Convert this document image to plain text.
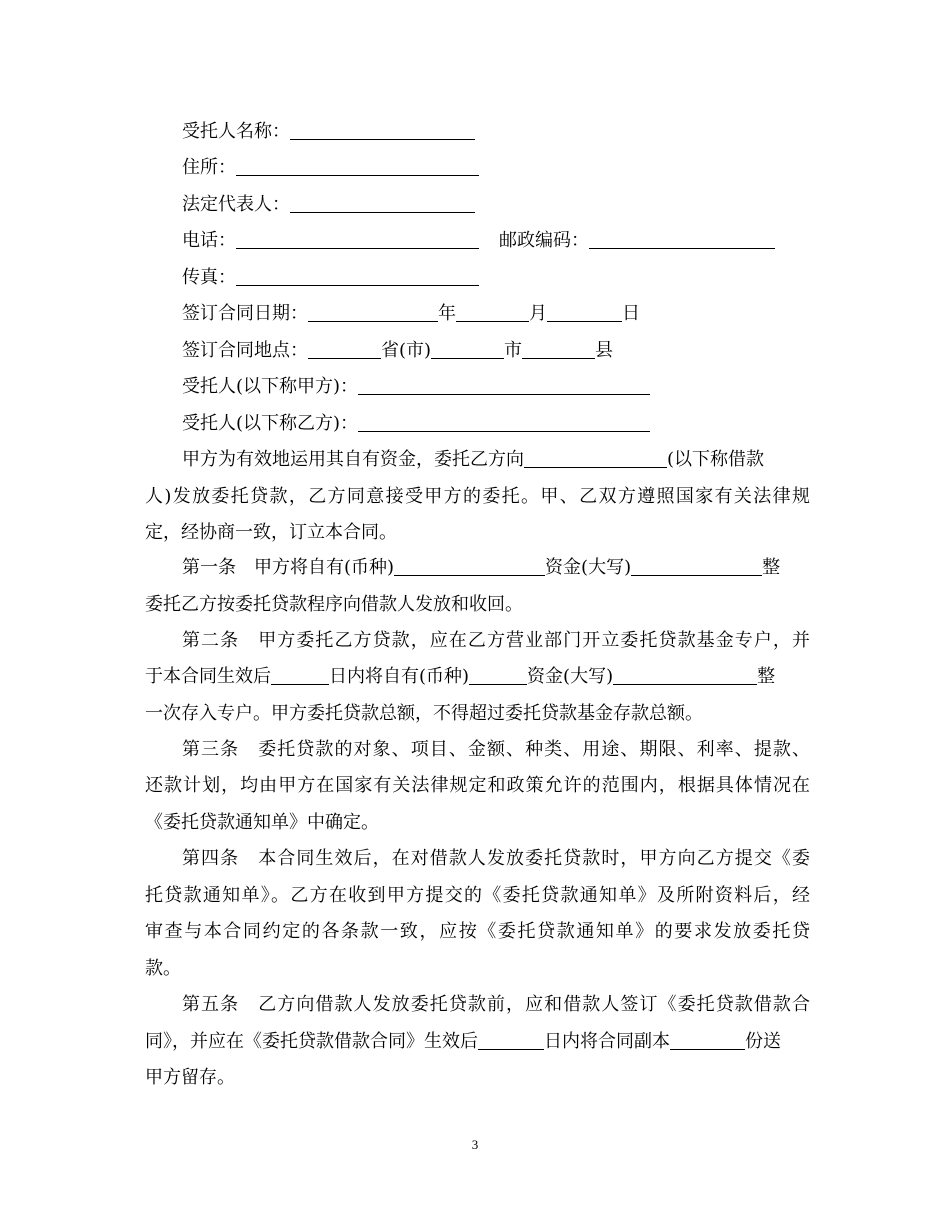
受托人名称：
住所：
法定代表人：
电话：	邮政编码：
传真：
签订合同日期：	年	月	日
签订合同地点：	省(市)	市	县
受托人(以下称甲方)：
受托人(以下称乙方)：
甲方为有效地运用其自有资金，委托乙方向	(以下称借款
人)发放委托贷款，乙方同意接受甲方的委托。甲、乙双方遵照国家有关法律规
定，经协商一致，订立本合同。
第一条　甲方将自有(币种)	资金(大写)	整
委托乙方按委托贷款程序向借款人发放和收回。
第二条　甲方委托乙方贷款，应在乙方营业部门开立委托贷款基金专户，并
于本合同生效后	日内将自有(币种)	资金(大写)	整
一次存入专户。甲方委托贷款总额，不得超过委托贷款基金存款总额。
第三条　委托贷款的对象、项目、金额、种类、用途、期限、利率、提款、
还款计划，均由甲方在国家有关法律规定和政策允许的范围内，根据具体情况在
《委托贷款通知单》中确定。
第四条　本合同生效后，在对借款人发放委托贷款时，甲方向乙方提交《委
托贷款通知单》。乙方在收到甲方提交的《委托贷款通知单》及所附资料后，经
审查与本合同约定的各条款一致，应按《委托贷款通知单》的要求发放委托贷
款。
第五条　乙方向借款人发放委托贷款前，应和借款人签订《委托贷款借款合
同》，并应在《委托贷款借款合同》生效后	日内将合同副本	份送
甲方留存。
3
